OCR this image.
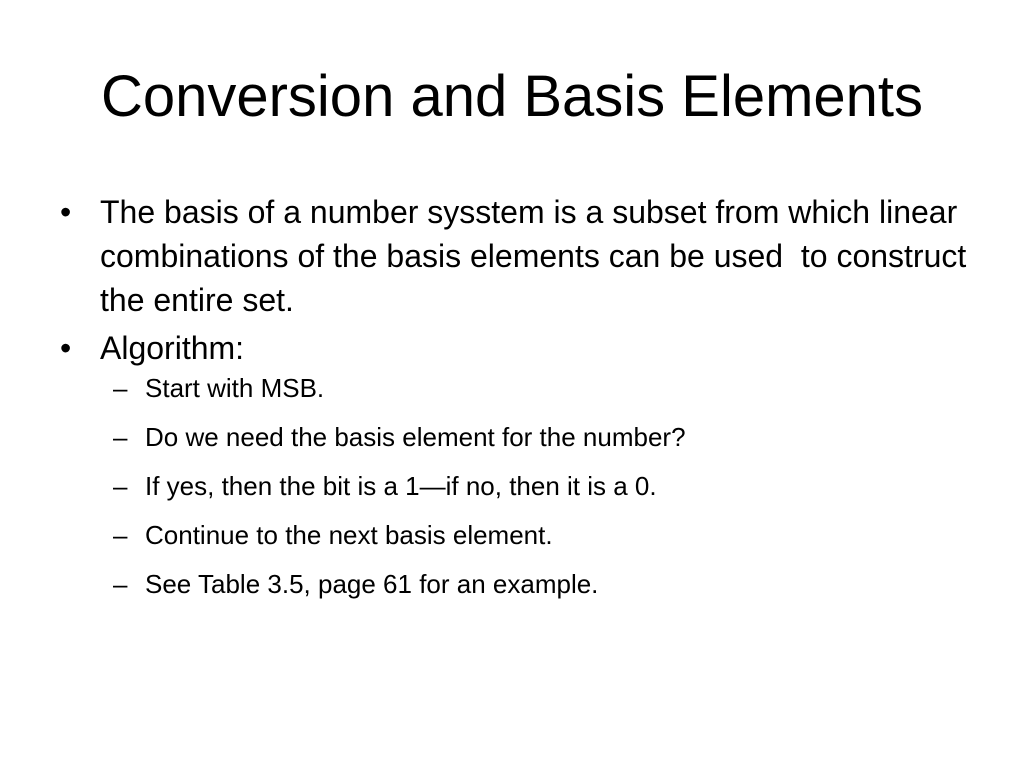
Conversion and Basis Elements
• The basis of a number sysstem is a subset from which linear combinations of the basis elements can be used  to construct the entire set.
• Algorithm:
– Start with MSB.
– Do we need the basis element for the number?
– If yes, then the bit is a 1—if no, then it is a 0.
– Continue to the next basis element.
– See Table 3.5, page 61 for an example.
